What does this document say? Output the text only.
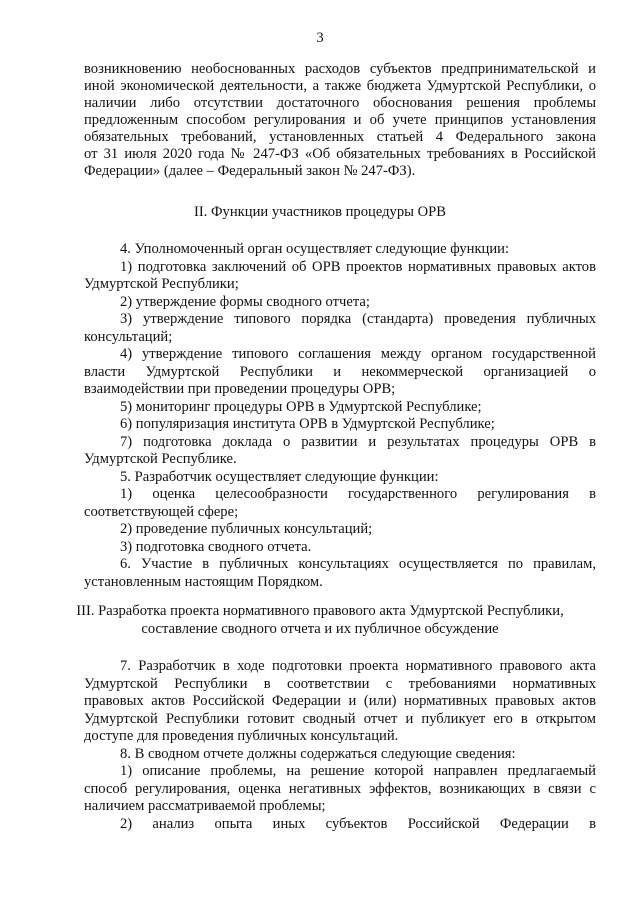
3
возникновению необоснованных расходов субъектов предпринимательской и
иной экономической деятельности, а также бюджета Удмуртской Республики, о
наличии либо отсутствии достаточного обоснования решения проблемы
предложенным способом регулирования и об учете принципов установления
обязательных требований, установленных статьей 4 Федерального закона
от 31 июля 2020 года № 247-ФЗ «Об обязательных требованиях в Российской
Федерации» (далее – Федеральный закон № 247-ФЗ).
II. Функции участников процедуры ОРВ
4. Уполномоченный орган осуществляет следующие функции:
1) подготовка заключений об ОРВ проектов нормативных правовых актов
Удмуртской Республики;
2) утверждение формы сводного отчета;
3) утверждение типового порядка (стандарта) проведения публичных
консультаций;
4) утверждение типового соглашения между органом государственной
власти Удмуртской Республики и некоммерческой организацией о
взаимодействии при проведении процедуры ОРВ;
5) мониторинг процедуры ОРВ в Удмуртской Республике;
6) популяризация института ОРВ в Удмуртской Республике;
7) подготовка доклада о развитии и результатах процедуры ОРВ в
Удмуртской Республике.
5. Разработчик осуществляет следующие функции:
1) оценка целесообразности государственного регулирования в
соответствующей сфере;
2) проведение публичных консультаций;
3) подготовка сводного отчета.
6. Участие в публичных консультациях осуществляется по правилам,
установленным настоящим Порядком.
III. Разработка проекта нормативного правового акта Удмуртской Республики,
составление сводного отчета и их публичное обсуждение
7. Разработчик в ходе подготовки проекта нормативного правового акта
Удмуртской Республики в соответствии с требованиями нормативных
правовых актов Российской Федерации и (или) нормативных правовых актов
Удмуртской Республики готовит сводный отчет и публикует его в открытом
доступе для проведения публичных консультаций.
8. В сводном отчете должны содержаться следующие сведения:
1) описание проблемы, на решение которой направлен предлагаемый
способ регулирования, оценка негативных эффектов, возникающих в связи с
наличием рассматриваемой проблемы;
2) анализ опыта иных субъектов Российской Федерации в
